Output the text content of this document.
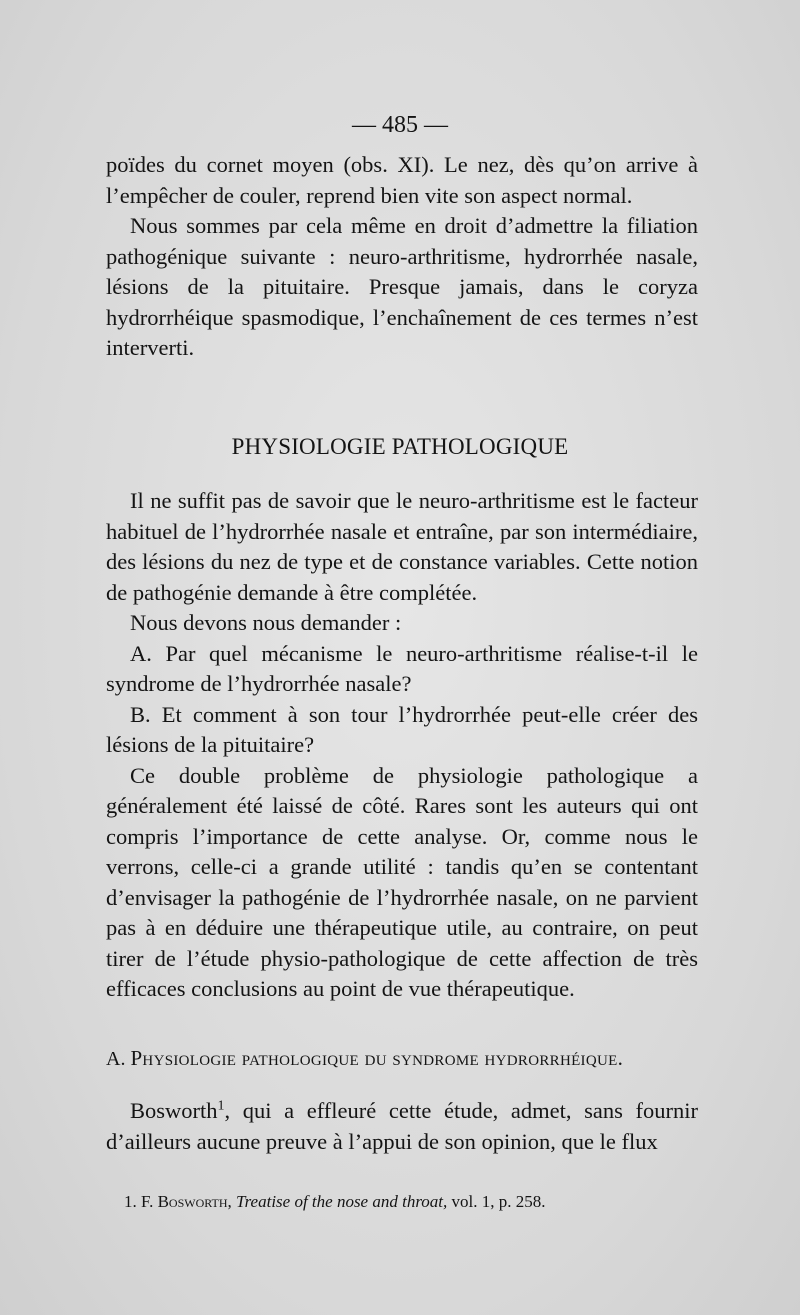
— 485 —

poïdes du cornet moyen (obs. XI). Le nez, dès qu’on arrive à l’empêcher de couler, reprend bien vite son aspect normal.

Nous sommes par cela même en droit d’admettre la filiation pathogénique suivante : neuro-arthritisme, hydrorrhée nasale, lésions de la pituitaire. Presque jamais, dans le coryza hydrorrhéique spasmodique, l’enchaînement de ces termes n’est interverti.

PHYSIOLOGIE PATHOLOGIQUE

Il ne suffit pas de savoir que le neuro-arthritisme est le facteur habituel de l’hydrorrhée nasale et entraîne, par son intermédiaire, des lésions du nez de type et de constance variables. Cette notion de pathogénie demande à être complétée.

Nous devons nous demander :

A. Par quel mécanisme le neuro-arthritisme réalise-t-il le syndrome de l’hydrorrhée nasale?

B. Et comment à son tour l’hydrorrhée peut-elle créer des lésions de la pituitaire?

Ce double problème de physiologie pathologique a généralement été laissé de côté. Rares sont les auteurs qui ont compris l’importance de cette analyse. Or, comme nous le verrons, celle-ci a grande utilité : tandis qu’en se contentant d’envisager la pathogénie de l’hydrorrhée nasale, on ne parvient pas à en déduire une thérapeutique utile, au contraire, on peut tirer de l’étude physio-pathologique de cette affection de très efficaces conclusions au point de vue thérapeutique.

A. Physiologie pathologique du syndrome hydrorrhéique.

Bosworth$^1$, qui a effleuré cette étude, admet, sans fournir d’ailleurs aucune preuve à l’appui de son opinion, que le flux

1. F. Bosworth, Treatise of the nose and throat, vol. 1, p. 258.
